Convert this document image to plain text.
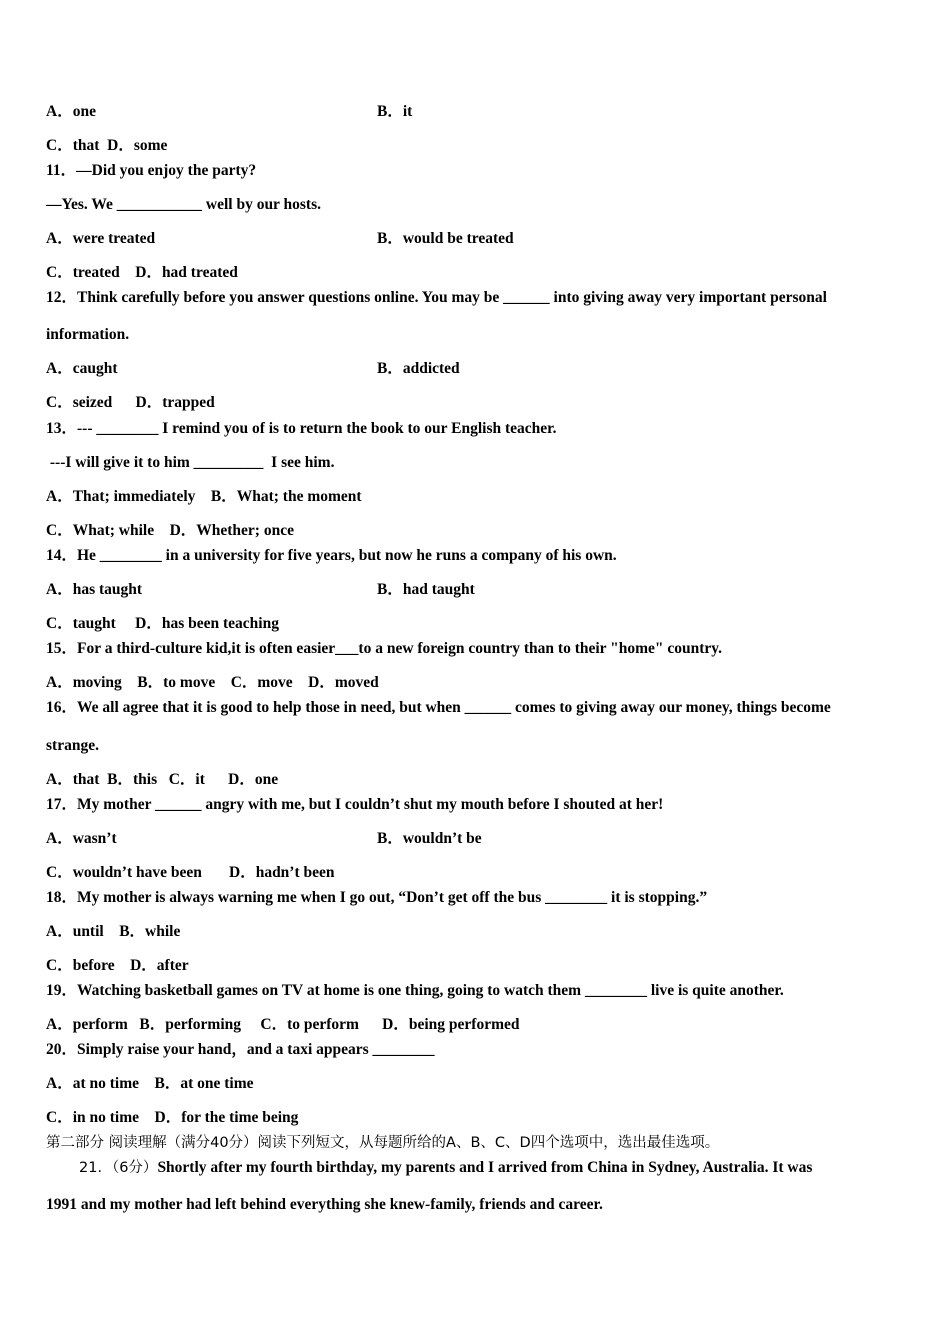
A．one	B．it
C．that  D．some
11．—Did you enjoy the party?
—Yes. We ___________ well by our hosts.
A．were treated	B．would be treated
C．treated    D．had treated
12．Think carefully before you answer questions online. You may be ______ into giving away very important personal
information.
A．caught	B．addicted
C．seized      D．trapped
13．--- ________ I remind you of is to return the book to our English teacher.
---I will give it to him _________  I see him.
A．That; immediately    B．What; the moment
C．What; while    D．Whether; once
14．He ________ in a university for five years, but now he runs a company of his own.
A．has taught	B．had taught
C．taught     D．has been teaching
15．For a third-culture kid,it is often easier___to a new foreign country than to their "home" country.
A．moving    B．to move    C．move    D．moved
16．We all agree that it is good to help those in need, but when ______ comes to giving away our money, things become
strange.
A．that  B．this   C．it      D．one
17．My mother ______ angry with me, but I couldn’t shut my mouth before I shouted at her!
A．wasn’t	B．wouldn’t be
C．wouldn’t have been       D．hadn’t been
18．My mother is always warning me when I go out, “Don’t get off the bus ________ it is stopping.”
A．until    B．while
C．before    D．after
19．Watching basketball games on TV at home is one thing, going to watch them ________ live is quite another.
A．perform   B．performing     C．to perform      D．being performed
20．Simply raise your hand，and a taxi appears ________
A．at no time    B．at one time
C．in no time    D．for the time being
第二部分 阅读理解（满分40分）阅读下列短文，从每题所给的A、B、C、D四个选项中，选出最佳选项。
21．（6分）Shortly after my fourth birthday, my parents and I arrived from China in Sydney, Australia. It was
1991 and my mother had left behind everything she knew-family, friends and career.
